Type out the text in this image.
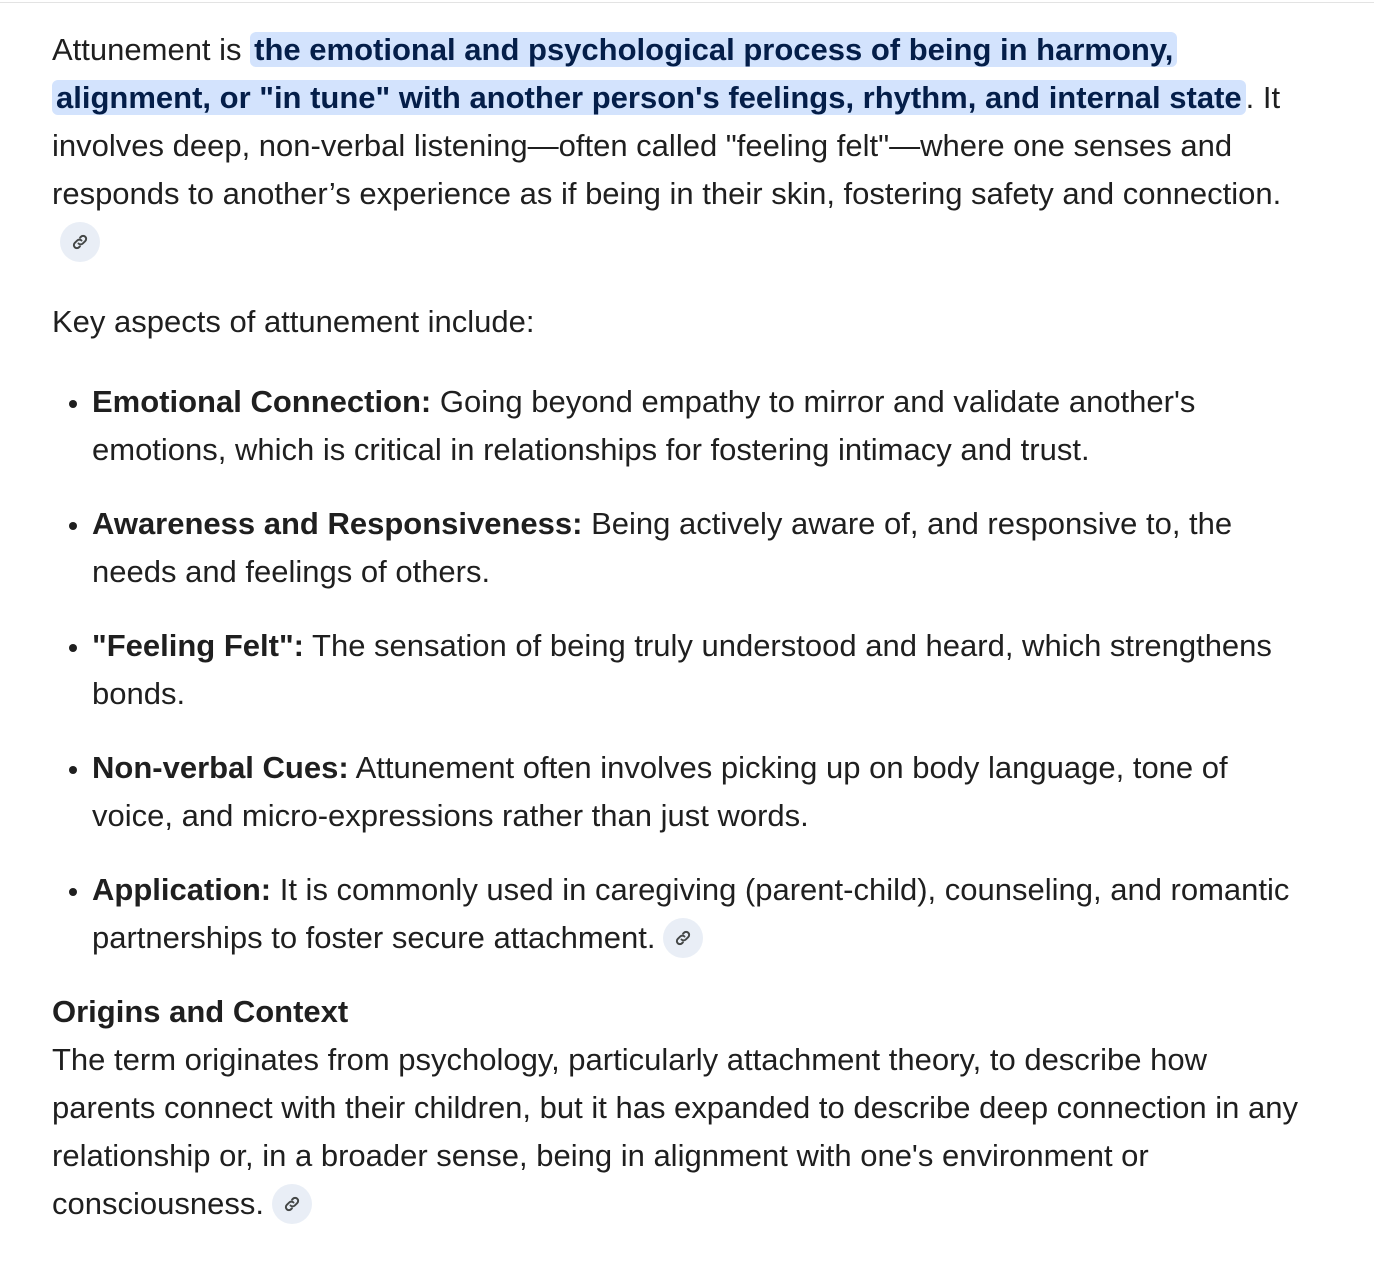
Attunement is the emotional and psychological process of being in harmony, alignment, or "in tune" with another person's feelings, rhythm, and internal state . It involves deep, non-verbal listening—often called "feeling felt"—where one senses and responds to another’s experience as if being in their skin, fostering safety and connection.

Key aspects of attunement include:

• Emotional Connection: Going beyond empathy to mirror and validate another's emotions, which is critical in relationships for fostering intimacy and trust.
• Awareness and Responsiveness: Being actively aware of, and responsive to, the needs and feelings of others.
• "Feeling Felt": The sensation of being truly understood and heard, which strengthens bonds.
• Non-verbal Cues: Attunement often involves picking up on body language, tone of voice, and micro-expressions rather than just words.
• Application: It is commonly used in caregiving (parent-child), counseling, and romantic partnerships to foster secure attachment.
Origins and Context

The term originates from psychology, particularly attachment theory, to describe how parents connect with their children, but it has expanded to describe deep connection in any relationship or, in a broader sense, being in alignment with one's environment or consciousness.
